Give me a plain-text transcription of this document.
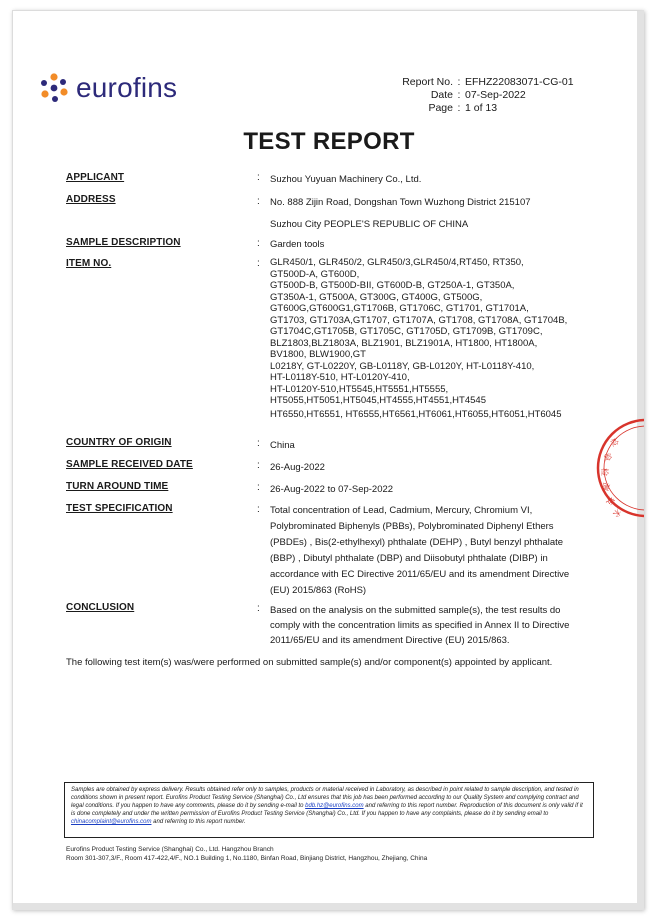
eurofins	Report No. : EFHZ22083071-CG-01
Date : 07-Sep-2022
Page : 1 of 13
TEST REPORT
APPLICANT	: Suzhou Yuyuan Machinery Co., Ltd.
ADDRESS	: No. 888 Zijin Road, Dongshan Town Wuzhong District 215107
Suzhou City PEOPLE'S REPUBLIC OF CHINA
SAMPLE DESCRIPTION	: Garden tools
ITEM NO.	: GLR450/1, GLR450/2, GLR450/3,GLR450/4,RT450, RT350,
GT500D-A, GT600D,
GT500D-B, GT500D-BII, GT600D-B, GT250A-1, GT350A,
GT350A-1, GT500A, GT300G, GT400G, GT500G,
GT600G,GT600G1,GT1706B, GT1706C, GT1701, GT1701A,
GT1703, GT1703A,GT1707, GT1707A, GT1708, GT1708A, GT1704B,
GT1704C,GT1705B, GT1705C, GT1705D, GT1709B, GT1709C,
BLZ1803,BLZ1803A, BLZ1901, BLZ1901A, HT1800, HT1800A,
BV1800, BLW1900,GT
L0218Y, GT-L0220Y, GB-L0118Y, GB-L0120Y, HT-L0118Y-410,
HT-L0118Y-510, HT-L0120Y-410,
HT-L0120Y-510,HT5545,HT5551,HT5555,
HT5055,HT5051,HT5045,HT4555,HT4551,HT4545
HT6550,HT6551, HT6555,HT6561,HT6061,HT6055,HT6051,HT6045
COUNTRY OF ORIGIN	: China
SAMPLE RECEIVED DATE	: 26-Aug-2022
TURN AROUND TIME	: 26-Aug-2022 to 07-Sep-2022
TEST SPECIFICATION	: Total concentration of Lead, Cadmium, Mercury, Chromium VI, Polybrominated Biphenyls (PBBs), Polybrominated Diphenyl Ethers (PBDEs) , Bis(2-ethylhexyl) phthalate (DEHP) , Butyl benzyl phthalate (BBP) , Dibutyl phthalate (DBP) and Diisobutyl phthalate (DIBP) in accordance with EC Directive 2011/65/EU and its amendment Directive (EU) 2015/863 (RoHS)
CONCLUSION	: Based on the analysis on the submitted sample(s), the test results do comply with the concentration limits as specified in Annex II to Directive 2011/65/EU and its amendment Directive (EU) 2015/863.
The following test item(s) was/were performed on submitted sample(s) and/or component(s) appointed by applicant.
Samples are obtained by express delivery. Results obtained refer only to samples, products or material received in Laboratory, as described in point related to sample description, and tested in conditions shown in present report. Eurofins Product Testing Service (Shanghai) Co., Ltd ensures that this job has been performed according to our Quality System and complying contract and legal conditions. If you happen to have any comments, please do it by sending e-mail to bdb.hz@eurofins.com and referring to this report number. Reproduction of this document is only valid if it is done completely and under the written permission of Eurofins Product Testing Service (Shanghai) Co., Ltd. If you happen to have any complaints, please do it by sending email to chinacomplaint@eurofins.com and referring to this report number.
Eurofins Product Testing Service (Shanghai) Co., Ltd. Hangzhou Branch
Room 301-307,3/F., Room 417-422,4/F., NO.1 Building 1, No.1180, Binfan Road, Binjiang District, Hangzhou, Zhejiang, China
检
验
检
测
技
术
